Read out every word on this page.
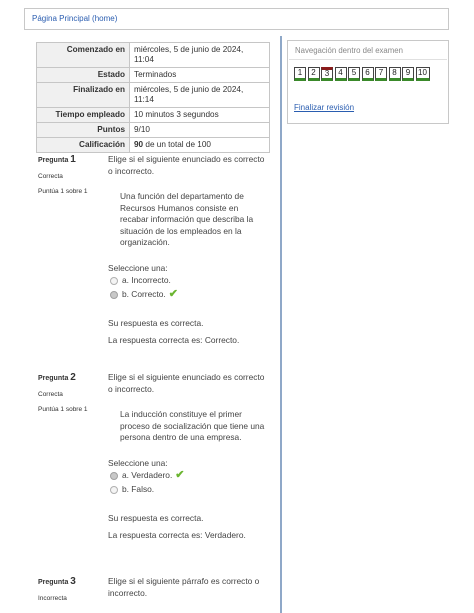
Página Principal (home)
Comenzado en	miércoles, 5 de junio de 2024, 11:04
Estado	Terminados
Finalizado en	miércoles, 5 de junio de 2024, 11:14
Tiempo empleado	10 minutos 3 segundos
Puntos	9/10
Calificación	90 de un total de 100
Pregunta 1
Correcta
Puntúa 1 sobre 1
Elige si el siguiente enunciado es correcto o incorrecto.
Una función del departamento de Recursos Humanos consiste en recabar información que describa la situación de los empleados en la organización.
Seleccione una:
a. Incorrecto.
b. Correcto. ✔

Su respuesta es correcta.

La respuesta correcta es: Correcto.

Pregunta 2
Correcta
Puntúa 1 sobre 1
Elige si el siguiente enunciado es correcto o incorrecto.
La inducción constituye el primer proceso de socialización que tiene una persona dentro de una empresa.
Seleccione una:
a. Verdadero. ✔
b. Falso.

Su respuesta es correcta.

La respuesta correcta es: Verdadero.

Pregunta 3
Incorrecta
Elige si el siguiente párrafo es correcto o incorrecto.
Navegación dentro del examen
1 2 3 4 5 6 7 8 9 10
Finalizar revisión
